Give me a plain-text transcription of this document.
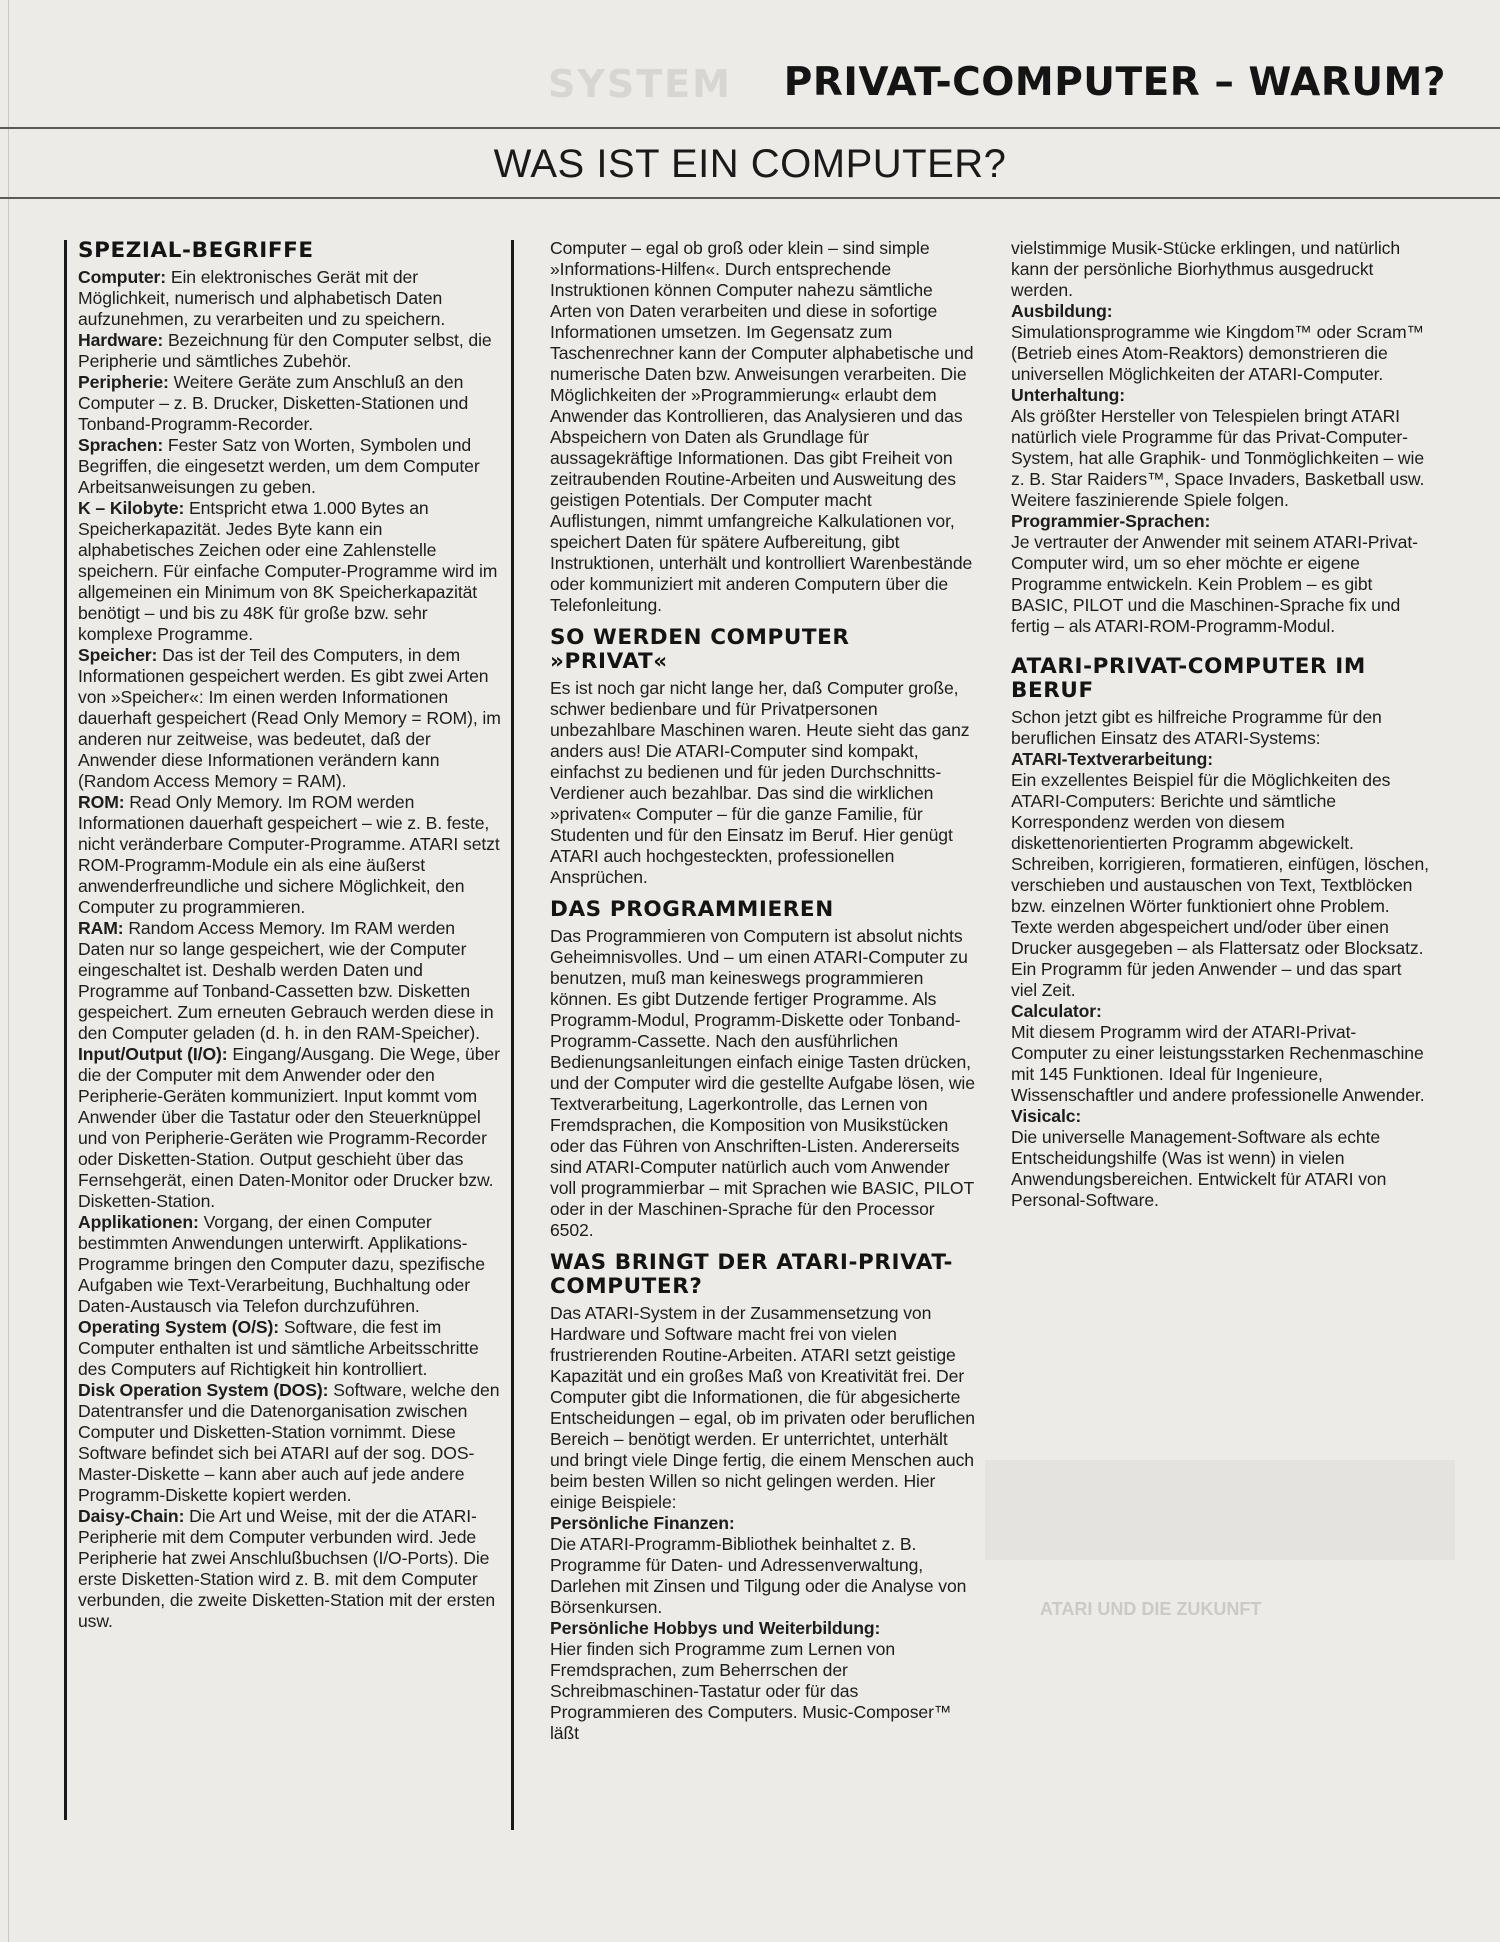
SYSTEM PRIVAT-COMPUTER – WARUM?
WAS IST EIN COMPUTER?
ATARI UND DIE ZUKUNFT
SPEZIAL-BEGRIFFE

Computer: Ein elektronisches Gerät mit der Möglichkeit, numerisch und alphabetisch Daten aufzunehmen, zu verarbeiten und zu speichern.

Hardware: Bezeichnung für den Computer selbst, die Peripherie und sämtliches Zubehör.

Peripherie: Weitere Geräte zum Anschluß an den Computer – z. B. Drucker, Disketten-Stationen und Tonband-Programm-Recorder.

Sprachen: Fester Satz von Worten, Symbolen und Begriffen, die eingesetzt werden, um dem Computer Arbeitsanweisungen zu geben.

K – Kilobyte: Entspricht etwa 1.000 Bytes an Speicherkapazität. Jedes Byte kann ein alphabetisches Zeichen oder eine Zahlenstelle speichern. Für einfache Computer-Programme wird im allgemeinen ein Minimum von 8K Speicherkapazität benötigt – und bis zu 48K für große bzw. sehr komplexe Programme.

Speicher: Das ist der Teil des Computers, in dem Informationen gespeichert werden. Es gibt zwei Arten von »Speicher«: Im einen werden Informationen dauerhaft gespeichert (Read Only Memory = ROM), im anderen nur zeitweise, was bedeutet, daß der Anwender diese Informationen verändern kann (Random Access Memory = RAM).

ROM: Read Only Memory. Im ROM werden Informationen dauerhaft gespeichert – wie z. B. feste, nicht veränderbare Computer-Programme. ATARI setzt ROM-Programm-Module ein als eine äußerst anwenderfreundliche und sichere Möglichkeit, den Computer zu programmieren.

RAM: Random Access Memory. Im RAM werden Daten nur so lange gespeichert, wie der Computer eingeschaltet ist. Deshalb werden Daten und Programme auf Tonband-Cassetten bzw. Disketten gespeichert. Zum erneuten Gebrauch werden diese in den Computer geladen (d. h. in den RAM-Speicher).

Input/Output (I/O): Eingang/Ausgang. Die Wege, über die der Computer mit dem Anwender oder den Peripherie-Geräten kommuniziert. Input kommt vom Anwender über die Tastatur oder den Steuerknüppel und von Peripherie-Geräten wie Programm-Recorder oder Disketten-Station. Output geschieht über das Fernsehgerät, einen Daten-Monitor oder Drucker bzw. Disketten-Station.

Applikationen: Vorgang, der einen Computer bestimmten Anwendungen unterwirft. Applikations-Programme bringen den Computer dazu, spezifische Aufgaben wie Text-Verarbeitung, Buchhaltung oder Daten-Austausch via Telefon durchzuführen.

Operating System (O/S): Software, die fest im Computer enthalten ist und sämtliche Arbeitsschritte des Computers auf Richtigkeit hin kontrolliert.

Disk Operation System (DOS): Software, welche den Datentransfer und die Datenorganisation zwischen Computer und Disketten-Station vornimmt. Diese Software befindet sich bei ATARI auf der sog. DOS-Master-Diskette – kann aber auch auf jede andere Programm-Diskette kopiert werden.

Daisy-Chain: Die Art und Weise, mit der die ATARI-Peripherie mit dem Computer verbunden wird. Jede Peripherie hat zwei Anschlußbuchsen (I/O-Ports). Die erste Disketten-Station wird z. B. mit dem Computer verbunden, die zweite Disketten-Station mit der ersten usw.

Computer – egal ob groß oder klein – sind simple »Informations-Hilfen«. Durch entsprechende Instruktionen können Computer nahezu sämtliche Arten von Daten verarbeiten und diese in sofortige Informationen umsetzen. Im Gegensatz zum Taschenrechner kann der Computer alphabetische und numerische Daten bzw. Anweisungen verarbeiten. Die Möglichkeiten der »Programmierung« erlaubt dem Anwender das Kontrollieren, das Analysieren und das Abspeichern von Daten als Grundlage für aussagekräftige Informationen. Das gibt Freiheit von zeitraubenden Routine-Arbeiten und Ausweitung des geistigen Potentials. Der Computer macht Auflistungen, nimmt umfangreiche Kalkulationen vor, speichert Daten für spätere Aufbereitung, gibt Instruktionen, unterhält und kontrolliert Warenbestände oder kommuniziert mit anderen Computern über die Telefonleitung.
SO WERDEN COMPUTER »PRIVAT«
Es ist noch gar nicht lange her, daß Computer große, schwer bedienbare und für Privatpersonen unbezahlbare Maschinen waren. Heute sieht das ganz anders aus! Die ATARI-Computer sind kompakt, einfachst zu bedienen und für jeden Durchschnitts-Verdiener auch bezahlbar. Das sind die wirklichen »privaten« Computer – für die ganze Familie, für Studenten und für den Einsatz im Beruf. Hier genügt ATARI auch hochgesteckten, professionellen Ansprüchen.
DAS PROGRAMMIEREN
Das Programmieren von Computern ist absolut nichts Geheimnisvolles. Und – um einen ATARI-Computer zu benutzen, muß man keineswegs programmieren können. Es gibt Dutzende fertiger Programme. Als Programm-Modul, Programm-Diskette oder Tonband-Programm-Cassette. Nach den ausführlichen Bedienungsanleitungen einfach einige Tasten drücken, und der Computer wird die gestellte Aufgabe lösen, wie Textverarbeitung, Lagerkontrolle, das Lernen von Fremdsprachen, die Komposition von Musikstücken oder das Führen von Anschriften-Listen. Andererseits sind ATARI-Computer natürlich auch vom Anwender voll programmierbar – mit Sprachen wie BASIC, PILOT oder in der Maschinen-Sprache für den Processor 6502.
WAS BRINGT DER ATARI-PRIVAT-COMPUTER?
Das ATARI-System in der Zusammensetzung von Hardware und Software macht frei von vielen frustrierenden Routine-Arbeiten. ATARI setzt geistige Kapazität und ein großes Maß von Kreativität frei. Der Computer gibt die Informationen, die für abgesicherte Entscheidungen – egal, ob im privaten oder beruflichen Bereich – benötigt werden. Er unterrichtet, unterhält und bringt viele Dinge fertig, die einem Menschen auch beim besten Willen so nicht gelingen werden. Hier einige Beispiele:
Persönliche Finanzen:
Die ATARI-Programm-Bibliothek beinhaltet z. B. Programme für Daten- und Adressenverwaltung, Darlehen mit Zinsen und Tilgung oder die Analyse von Börsenkursen.
Persönliche Hobbys und Weiterbildung:
Hier finden sich Programme zum Lernen von Fremdsprachen, zum Beherrschen der Schreibmaschinen-Tastatur oder für das Programmieren des Computers. Music-Composer™ läßt
vielstimmige Musik-Stücke erklingen, und natürlich kann der persönliche Biorhythmus ausgedruckt werden.
Ausbildung:
Simulationsprogramme wie Kingdom™ oder Scram™ (Betrieb eines Atom-Reaktors) demonstrieren die universellen Möglichkeiten der ATARI-Computer.
Unterhaltung:
Als größter Hersteller von Telespielen bringt ATARI natürlich viele Programme für das Privat-Computer-System, hat alle Graphik- und Tonmöglichkeiten – wie z. B. Star Raiders™, Space Invaders, Basketball usw. Weitere faszinierende Spiele folgen.
Programmier-Sprachen:
Je vertrauter der Anwender mit seinem ATARI-Privat-Computer wird, um so eher möchte er eigene Programme entwickeln. Kein Problem – es gibt BASIC, PILOT und die Maschinen-Sprache fix und fertig – als ATARI-ROM-Programm-Modul.
ATARI-PRIVAT-COMPUTER IM BERUF
Schon jetzt gibt es hilfreiche Programme für den beruflichen Einsatz des ATARI-Systems:
ATARI-Textverarbeitung:
Ein exzellentes Beispiel für die Möglichkeiten des ATARI-Computers: Berichte und sämtliche Korrespondenz werden von diesem diskettenorientierten Programm abgewickelt. Schreiben, korrigieren, formatieren, einfügen, löschen, verschieben und austauschen von Text, Textblöcken bzw. einzelnen Wörter funktioniert ohne Problem. Texte werden abgespeichert und/oder über einen Drucker ausgegeben – als Flattersatz oder Blocksatz. Ein Programm für jeden Anwender – und das spart viel Zeit.
Calculator:
Mit diesem Programm wird der ATARI-Privat-Computer zu einer leistungsstarken Rechenmaschine mit 145 Funktionen. Ideal für Ingenieure, Wissenschaftler und andere professionelle Anwender.
Visicalc:
Die universelle Management-Software als echte Entscheidungshilfe (Was ist wenn) in vielen Anwendungsbereichen. Entwickelt für ATARI von Personal-Software.
